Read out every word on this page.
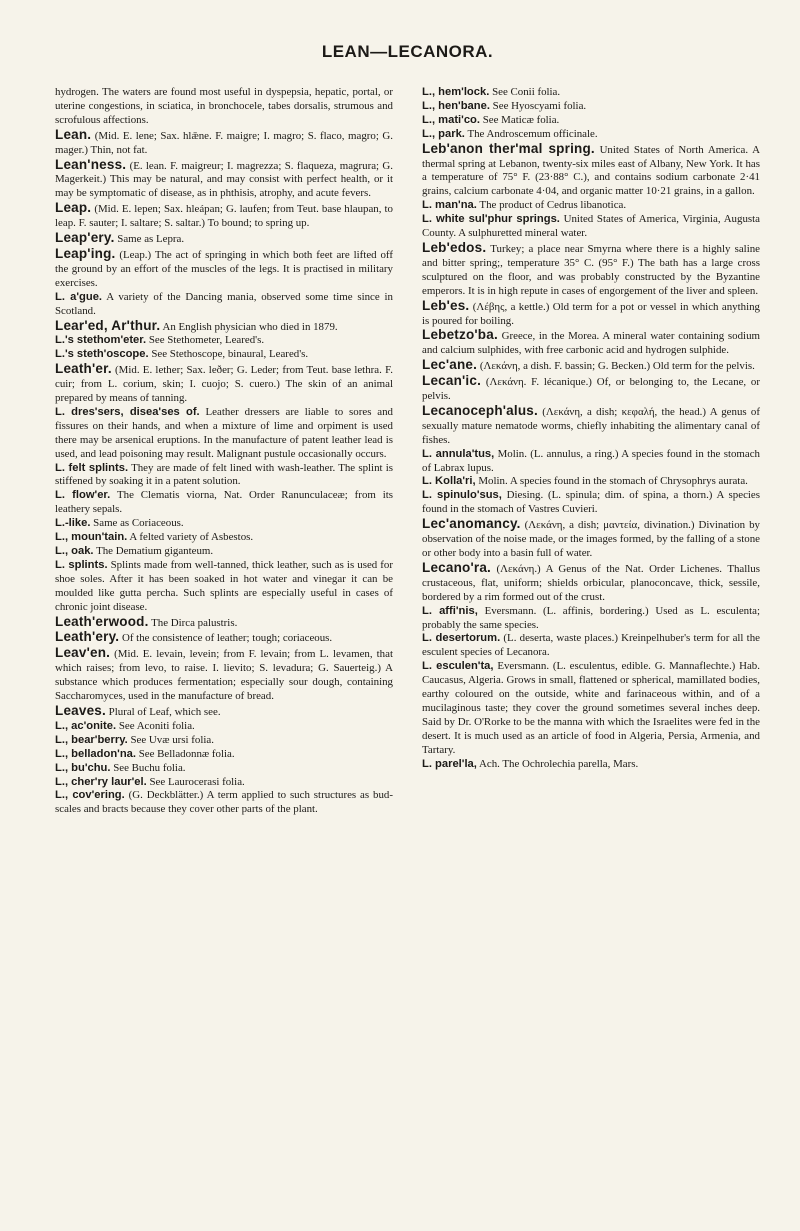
LEAN—LECANORA.

hydrogen. The waters are found most useful in dyspepsia, hepatic, portal, or uterine congestions, in sciatica, in bronchocele, tabes dorsalis, strumous and scrofulous affections.

Lean. (Mid. E. lene; Sax. hlǣne. F. maigre; I. magro; S. flaco, magro; G. mager.) Thin, not fat.

Lean'ness. (E. lean. F. maigreur; I. magrezza; S. flaqueza, magrura; G. Magerkeit.) This may be natural, and may consist with perfect health, or it may be symptomatic of disease, as in phthisis, atrophy, and acute fevers.

Leap. (Mid. E. lepen; Sax. hleápan; G. laufen; from Teut. base hlaupan, to leap. F. sauter; I. saltare; S. saltar.) To bound; to spring up.

Leap'ery. Same as Lepra.

Leap'ing. (Leap.) The act of springing in which both feet are lifted off the ground by an effort of the muscles of the legs. It is practised in military exercises.

L. a'gue. A variety of the Dancing mania, observed some time since in Scotland.

Lear'ed, Ar'thur. An English physician who died in 1879.

L.'s stethom'eter. See Stethometer, Leared's.

L.'s steth'oscope. See Stethoscope, binaural, Leared's.

Leath'er. (Mid. E. lether; Sax. leðer; G. Leder; from Teut. base lethra. F. cuir; from L. corium, skin; I. cuojo; S. cuero.) The skin of an animal prepared by means of tanning.

L. dres'sers, disea'ses of. Leather dressers are liable to sores and fissures on their hands, and when a mixture of lime and orpiment is used there may be arsenical eruptions. In the manufacture of patent leather lead is used, and lead poisoning may result. Malignant pustule occasionally occurs.

L. felt splints. They are made of felt lined with wash-leather. The splint is stiffened by soaking it in a patent solution.

L. flow'er. The Clematis viorna, Nat. Order Ranunculaceæ; from its leathery sepals.

L.-like. Same as Coriaceous.

L., moun'tain. A felted variety of Asbestos.

L., oak. The Dematium giganteum.

L. splints. Splints made from well-tanned, thick leather, such as is used for shoe soles. After it has been soaked in hot water and vinegar it can be moulded like gutta percha. Such splints are especially useful in cases of chronic joint disease.

Leath'erwood. The Dirca palustris.

Leath'ery. Of the consistence of leather; tough; coriaceous.

Leav'en. (Mid. E. levain, levein; from F. levain; from L. levamen, that which raises; from levo, to raise. I. lievito; S. levadura; G. Sauerteig.) A substance which produces fermentation; especially sour dough, containing Saccharomyces, used in the manufacture of bread.

Leaves. Plural of Leaf, which see.

L., ac'onite. See Aconiti folia.

L., bear'berry. See Uvæ ursi folia.

L., belladon'na. See Belladonnæ folia.

L., bu'chu. See Buchu folia.

L., cher'ry laur'el. See Laurocerasi folia.

L., cov'ering. (G. Deckblätter.) A term applied to such structures as bud-scales and bracts because they cover other parts of the plant.

L., hem'lock. See Conii folia.

L., hen'bane. See Hyoscyami folia.

L., mati'co. See Maticæ folia.

L., park. The Androscemum officinale.

Leb'anon ther'mal spring. United States of North America. A thermal spring at Lebanon, twenty-six miles east of Albany, New York. It has a temperature of 75° F. (23·88° C.), and contains sodium carbonate 2·41 grains, calcium carbonate 4·04, and organic matter 10·21 grains, in a gallon.

L. man'na. The product of Cedrus libanotica.

L. white sul'phur springs. United States of America, Virginia, Augusta County. A sulphuretted mineral water.

Leb'edos. Turkey; a place near Smyrna where there is a highly saline and bitter spring;, temperature 35° C. (95° F.) The bath has a large cross sculptured on the floor, and was probably constructed by the Byzantine emperors. It is in high repute in cases of engorgement of the liver and spleen.

Leb'es. (Λέβης, a kettle.) Old term for a pot or vessel in which anything is poured for boiling.

Lebetzo'ba. Greece, in the Morea. A mineral water containing sodium and calcium sulphides, with free carbonic acid and hydrogen sulphide.

Lec'ane. (Λεκάνη, a dish. F. bassin; G. Becken.) Old term for the pelvis.

Lecan'ic. (Λεκάνη. F. lécanique.) Of, or belonging to, the Lecane, or pelvis.

Lecanoceph'alus. (Λεκάνη, a dish; κεφαλή, the head.) A genus of sexually mature nematode worms, chiefly inhabiting the alimentary canal of fishes.

L. annula'tus, Molin. (L. annulus, a ring.) A species found in the stomach of Labrax lupus.

L. Kolla'ri, Molin. A species found in the stomach of Chrysophrys aurata.

L. spinulo'sus, Diesing. (L. spinula; dim. of spina, a thorn.) A species found in the stomach of Vastres Cuvieri.

Lec'anomancy. (Λεκάνη, a dish; μαντεία, divination.) Divination by observation of the noise made, or the images formed, by the falling of a stone or other body into a basin full of water.

Lecano'ra. (Λεκάνη.) A Genus of the Nat. Order Lichenes. Thallus crustaceous, flat, uniform; shields orbicular, planoconcave, thick, sessile, bordered by a rim formed out of the crust.

L. affi'nis, Eversmann. (L. affinis, bordering.) Used as L. esculenta; probably the same species.

L. desertorum. (L. deserta, waste places.) Kreinpelhuber's term for all the esculent species of Lecanora.

L. esculen'ta, Eversmann. (L. esculentus, edible. G. Mannaflechte.) Hab. Caucasus, Algeria. Grows in small, flattened or spherical, mamillated bodies, earthy coloured on the outside, white and farinaceous within, and of a mucilaginous taste; they cover the ground sometimes several inches deep. Said by Dr. O'Rorke to be the manna with which the Israelites were fed in the desert. It is much used as an article of food in Algeria, Persia, Armenia, and Tartary.

L. parel'la, Ach. The Ochrolechia parella, Mars.
